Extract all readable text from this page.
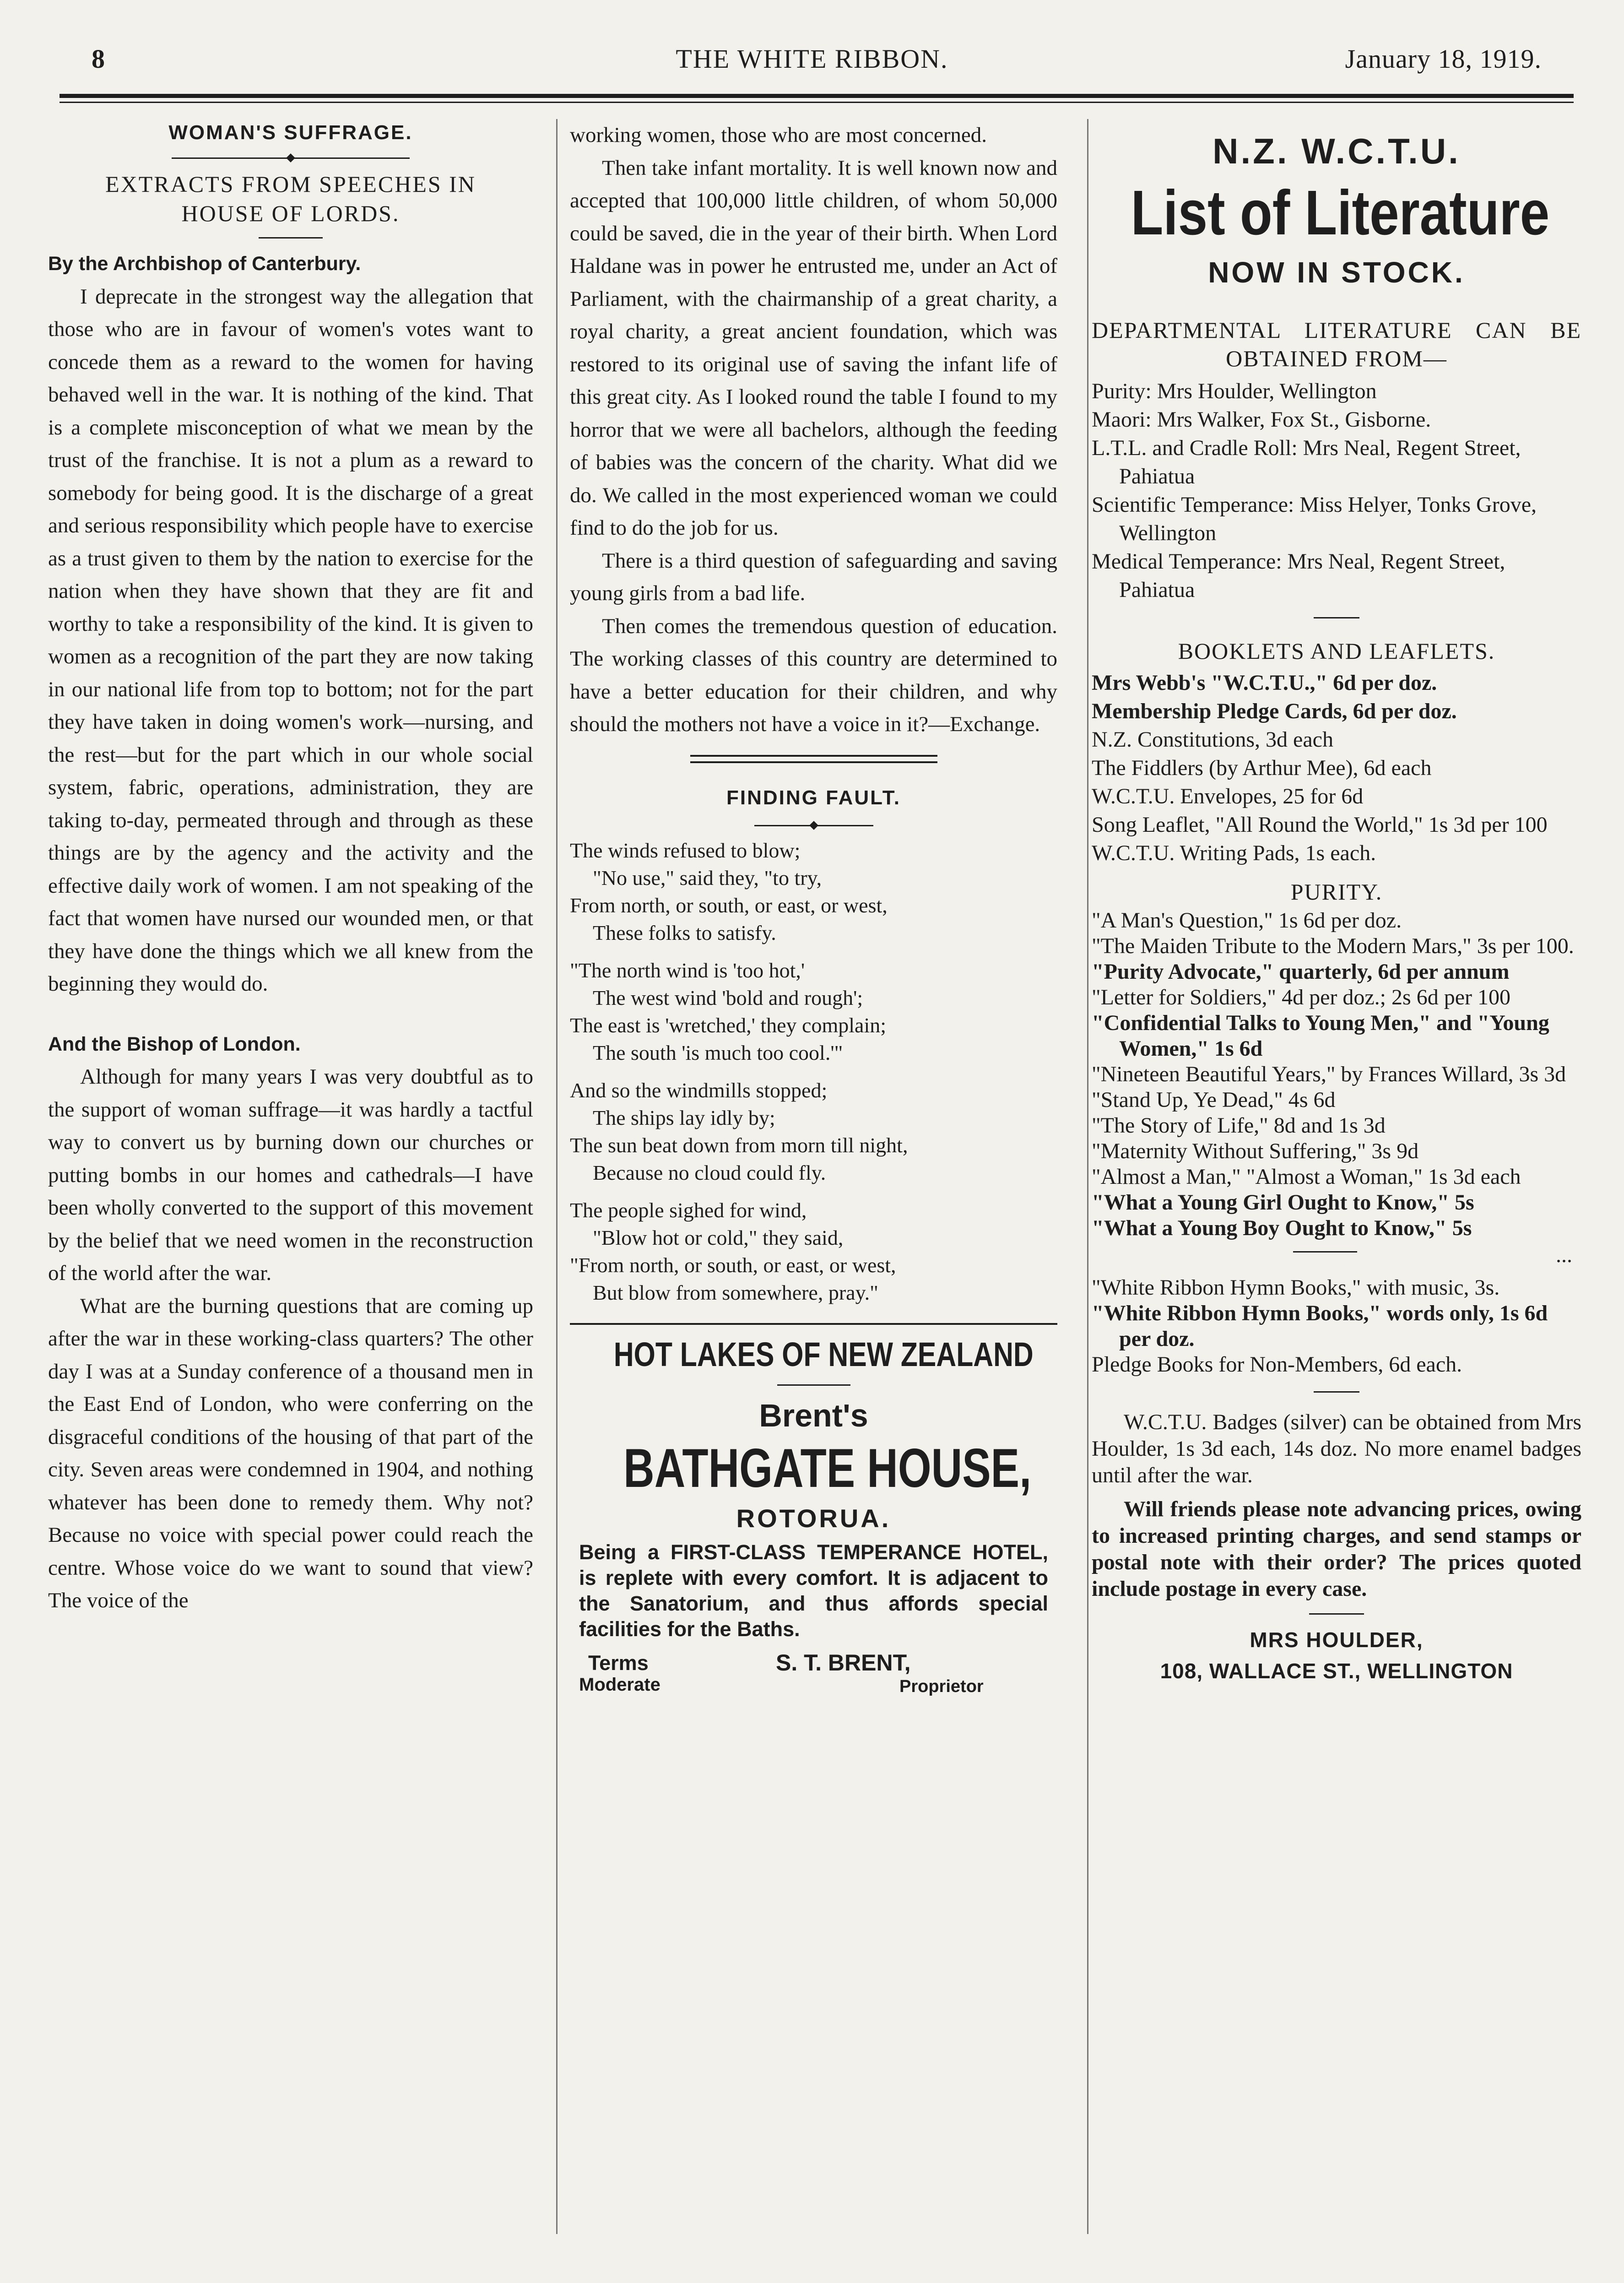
8	THE WHITE RIBBON.	January 18, 1919.
WOMAN'S SUFFRAGE.
EXTRACTS FROM SPEECHES IN HOUSE OF LORDS.
By the Archbishop of Canterbury.

I deprecate in the strongest way the allegation that those who are in favour of women's votes want to concede them as a reward to the women for having behaved well in the war. It is nothing of the kind. That is a complete misconception of what we mean by the trust of the franchise. It is not a plum as a reward to somebody for being good. It is the discharge of a great and serious responsibility which people have to exercise as a trust given to them by the nation to exercise for the nation when they have shown that they are fit and worthy to take a responsibility of the kind. It is given to women as a recognition of the part they are now taking in our national life from top to bottom; not for the part they have taken in doing women's work—nursing, and the rest—but for the part which in our whole social system, fabric, operations, administration, they are taking to-day, permeated through and through as these things are by the agency and the activity and the effective daily work of women. I am not speaking of the fact that women have nursed our wounded men, or that they have done the things which we all knew from the beginning they would do.

And the Bishop of London.

Although for many years I was very doubtful as to the support of woman suffrage—it was hardly a tactful way to convert us by burning down our churches or putting bombs in our homes and cathedrals—I have been wholly converted to the support of this movement by the belief that we need women in the reconstruction of the world after the war.

What are the burning questions that are coming up after the war in these working-class quarters? The other day I was at a Sunday conference of a thousand men in the East End of London, who were conferring on the disgraceful conditions of the housing of that part of the city. Seven areas were condemned in 1904, and nothing whatever has been done to remedy them. Why not? Because no voice with special power could reach the centre. Whose voice do we want to sound that view? The voice of the

working women, those who are most concerned.

Then take infant mortality. It is well known now and accepted that 100,000 little children, of whom 50,000 could be saved, die in the year of their birth. When Lord Haldane was in power he entrusted me, under an Act of Parliament, with the chairmanship of a great charity, a royal charity, a great ancient foundation, which was restored to its original use of saving the infant life of this great city. As I looked round the table I found to my horror that we were all bachelors, although the feeding of babies was the concern of the charity. What did we do. We called in the most experienced woman we could find to do the job for us.

There is a third question of safeguarding and saving young girls from a bad life.

Then comes the tremendous question of education. The working classes of this country are determined to have a better education for their children, and why should the mothers not have a voice in it?—Exchange.

FINDING FAULT.

The winds refused to blow;

"No use," said they, "to try,

From north, or south, or east, or west,

These folks to satisfy.

"The north wind is 'too hot,'

The west wind 'bold and rough';

The east is 'wretched,' they complain;

The south 'is much too cool.'"

And so the windmills stopped;

The ships lay idly by;

The sun beat down from morn till night,

Because no cloud could fly.

The people sighed for wind,

"Blow hot or cold," they said,

"From north, or south, or east, or west,

But blow from somewhere, pray."

HOT LAKES OF NEW ZEALAND
Brent's
BATHGATE HOUSE,
ROTORUA.

Being a FIRST-CLASS TEMPERANCE HOTEL, is replete with every comfort. It is adjacent to the Sanatorium, and thus affords special facilities for the Baths.

Terms
Moderate
S. T. BRENT,
Proprietor
N.Z. W.C.T.U.
List of Literature
NOW IN STOCK.
DEPARTMENTAL LITERATURE CAN BE OBTAINED FROM—

Purity: Mrs Houlder, Wellington

Maori: Mrs Walker, Fox St., Gisborne.

L.T.L. and Cradle Roll: Mrs Neal, Regent Street, Pahiatua

Scientific Temperance: Miss Helyer, Tonks Grove, Wellington

Medical Temperance: Mrs Neal, Regent Street, Pahiatua

BOOKLETS AND LEAFLETS.

Mrs Webb's "W.C.T.U.," 6d per doz.

Membership Pledge Cards, 6d per doz.

N.Z. Constitutions, 3d each

The Fiddlers (by Arthur Mee), 6d each

W.C.T.U. Envelopes, 25 for 6d

Song Leaflet, "All Round the World," 1s 3d per 100

W.C.T.U. Writing Pads, 1s each.

PURITY.

"A Man's Question," 1s 6d per doz.

"The Maiden Tribute to the Modern Mars," 3s per 100.

"Purity Advocate," quarterly, 6d per annum

"Letter for Soldiers," 4d per doz.; 2s 6d per 100

"Confidential Talks to Young Men," and "Young Women," 1s 6d

"Nineteen Beautiful Years," by Frances Willard, 3s 3d

"Stand Up, Ye Dead," 4s 6d

"The Story of Life," 8d and 1s 3d

"Maternity Without Suffering," 3s 9d

"Almost a Man," "Almost a Woman," 1s 3d each

"What a Young Girl Ought to Know," 5s

"What a Young Boy Ought to Know," 5s

...

"White Ribbon Hymn Books," with music, 3s.

"White Ribbon Hymn Books," words only, 1s 6d per doz.

Pledge Books for Non-Members, 6d each.

W.C.T.U. Badges (silver) can be obtained from Mrs Houlder, 1s 3d each, 14s doz. No more enamel badges until after the war.

Will friends please note advancing prices, owing to increased printing charges, and send stamps or postal note with their order? The prices quoted include postage in every case.

MRS HOULDER,
108, WALLACE ST., WELLINGTON
